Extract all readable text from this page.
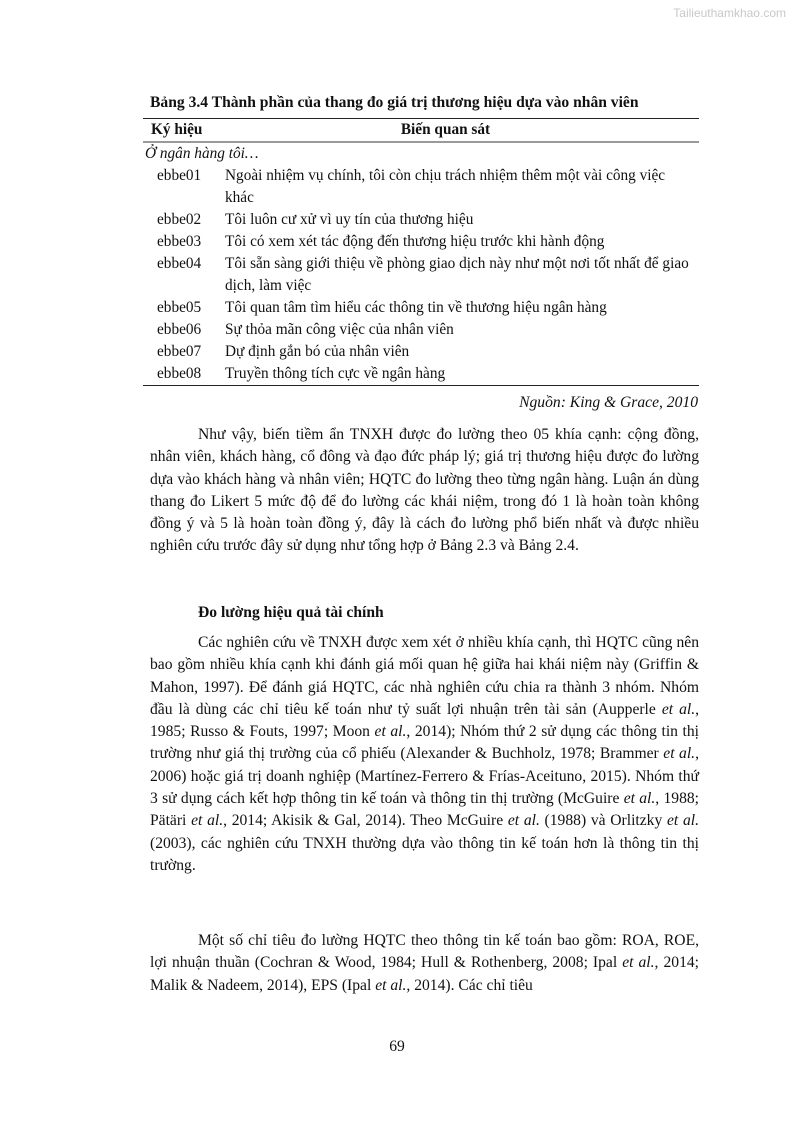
Tailieuthamkhao.com
Bảng 3.4 Thành phần của thang đo giá trị thương hiệu dựa vào nhân viên
Ký hiệu	Biến quan sát
Ở ngân hàng tôi…
ebbe01	Ngoài nhiệm vụ chính, tôi còn chịu trách nhiệm thêm một vài công việc khác
ebbe02	Tôi luôn cư xử vì uy tín của thương hiệu
ebbe03	Tôi có xem xét tác động đến thương hiệu trước khi hành động
ebbe04	Tôi sẵn sàng giới thiệu về phòng giao dịch này như một nơi tốt nhất để giao dịch, làm việc
ebbe05	Tôi quan tâm tìm hiểu các thông tin về thương hiệu ngân hàng
ebbe06	Sự thỏa mãn công việc của nhân viên
ebbe07	Dự định gắn bó của nhân viên
ebbe08	Truyền thông tích cực về ngân hàng
Nguồn: King & Grace, 2010

Như vậy, biến tiềm ẩn TNXH được đo lường theo 05 khía cạnh: cộng đồng, nhân viên, khách hàng, cổ đông và đạo đức pháp lý; giá trị thương hiệu được đo lường dựa vào khách hàng và nhân viên; HQTC đo lường theo từng ngân hàng. Luận án dùng thang đo Likert 5 mức độ để đo lường các khái niệm, trong đó 1 là hoàn toàn không đồng ý và 5 là hoàn toàn đồng ý, đây là cách đo lường phổ biến nhất và được nhiều nghiên cứu trước đây sử dụng như tổng hợp ở Bảng 2.3 và Bảng 2.4.

Đo lường hiệu quả tài chính

Các nghiên cứu về TNXH được xem xét ở nhiều khía cạnh, thì HQTC cũng nên bao gồm nhiều khía cạnh khi đánh giá mối quan hệ giữa hai khái niệm này (Griffin & Mahon, 1997). Để đánh giá HQTC, các nhà nghiên cứu chia ra thành 3 nhóm. Nhóm đầu là dùng các chỉ tiêu kế toán như tỷ suất lợi nhuận trên tài sản (Aupperle et al., 1985; Russo & Fouts, 1997; Moon et al., 2014); Nhóm thứ 2 sử dụng các thông tin thị trường như giá thị trường của cổ phiếu (Alexander & Buchholz, 1978; Brammer et al., 2006) hoặc giá trị doanh nghiệp (Martínez-Ferrero & Frías-Aceituno, 2015). Nhóm thứ 3 sử dụng cách kết hợp thông tin kế toán và thông tin thị trường (McGuire et al., 1988; Pätäri et al., 2014; Akisik & Gal, 2014). Theo McGuire et al. (1988) và Orlitzky et al. (2003), các nghiên cứu TNXH thường dựa vào thông tin kế toán hơn là thông tin thị trường.

Một số chỉ tiêu đo lường HQTC theo thông tin kế toán bao gồm: ROA, ROE, lợi nhuận thuần (Cochran & Wood, 1984; Hull & Rothenberg, 2008; Ipal et al., 2014; Malik & Nadeem, 2014), EPS (Ipal et al., 2014). Các chỉ tiêu

69
